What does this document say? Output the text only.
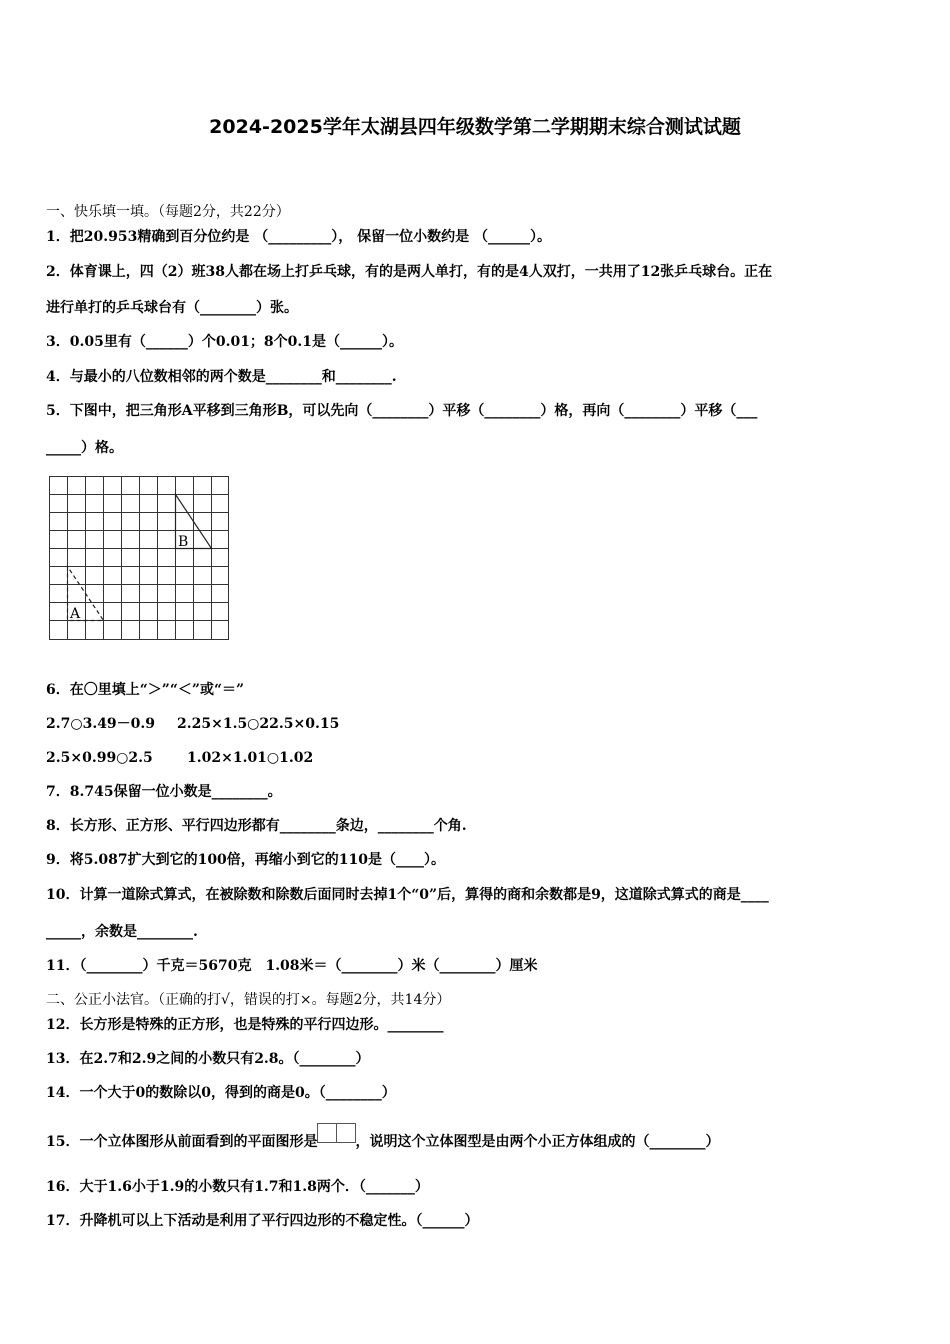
2024-2025学年太湖县四年级数学第二学期期末综合测试试题
一、快乐填一填。（每题2分，共22分）
1．把20.953精确到百分位约是 （_________）， 保留一位小数约是 （______）。
2．体育课上，四（2）班38人都在场上打乒乓球，有的是两人单打，有的是4人双打，一共用了12张乒乓球台。正在
进行单打的乒乓球台有（________）张。
3．0.05里有（______）个0.01；8个0.1是（______）。
4．与最小的八位数相邻的两个数是________和________.
5．下图中，把三角形A平移到三角形B，可以先向（________）平移（________）格，再向（________）平移（___
_____）格。
B
A
6．在〇里填上“＞”“＜”或“＝”
2.7○3.49－0.9 2.25×1.5○22.5×0.15
2.5×0.99○2.5 1.02×1.01○1.02
7．8.745保留一位小数是________。
8．长方形、正方形、平行四边形都有________条边，________个角.
9．将5.087扩大到它的100倍，再缩小到它的110是（____）。
10．计算一道除式算式，在被除数和除数后面同时去掉1个“0”后，算得的商和余数都是9，这道除式算式的商是____
_____，余数是________.
11．（________）千克＝5670克　1.08米＝（________）米（________）厘米
二、公正小法官。（正确的打√，错误的打×。每题2分，共14分）
12．长方形是特殊的正方形，也是特殊的平行四边形。________
13．在2.7和2.9之间的小数只有2.8。（________）
14．一个大于0的数除以0，得到的商是0。（________）
15．一个立体图形从前面看到的平面图形是	，说明这个立体图型是由两个小正方体组成的（________）
16．大于1.6小于1.9的小数只有1.7和1.8两个．（_______）
17．升降机可以上下活动是利用了平行四边形的不稳定性。（______）
